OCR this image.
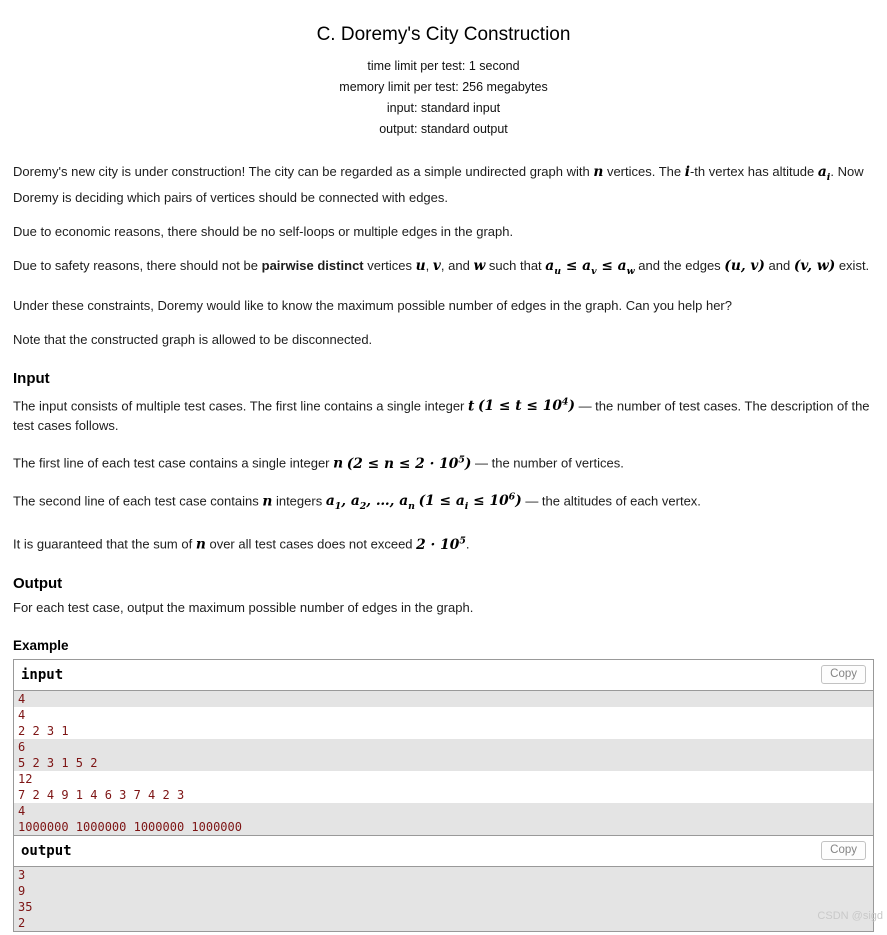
C. Doremy's City Construction
time limit per test: 1 second
memory limit per test: 256 megabytes
input: standard input
output: standard output

Doremy's new city is under construction! The city can be regarded as a simple undirected graph with n vertices. The i-th vertex has altitude $a_i$. Now Doremy is deciding which pairs of vertices should be connected with edges.

Due to economic reasons, there should be no self-loops or multiple edges in the graph.

Due to safety reasons, there should not be pairwise distinct vertices u, v, and w such that $a_u \le a_v \le a_w$ and the edges (u, v) and (v, w) exist.

Under these constraints, Doremy would like to know the maximum possible number of edges in the graph. Can you help her?

Note that the constructed graph is allowed to be disconnected.

Input

The input consists of multiple test cases. The first line contains a single integer t $(1 \le t \le 10^4)$ — the number of test cases. The description of the test cases follows.

The first line of each test case contains a single integer n $(2 \le n \le 2 \cdot 10^5)$ — the number of vertices.

The second line of each test case contains n integers $a_1$, $a_2$, …, $a_n$ $(1 \le a_i \le 10^6)$ — the altitudes of each vertex.

It is guaranteed that the sum of n over all test cases does not exceed $2 \cdot 10^5$.

Output

For each test case, output the maximum possible number of edges in the graph.

Example
input	Copy
4
4
2 2 3 1
6
5 2 3 1 5 2
12
7 2 4 9 1 4 6 3 7 4 2 3
4
1000000 1000000 1000000 1000000
output	Copy
3
9
35
2	CSDN @sigd
